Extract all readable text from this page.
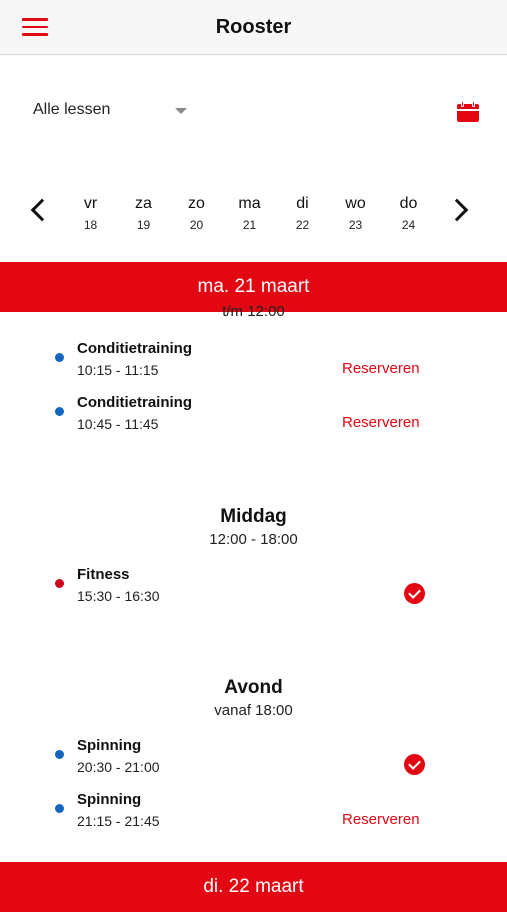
Rooster
Alle lessen
vr
18
za
19
zo
20
ma
21
di
22
wo
23
do
24
ma. 21 maart
t/m 12:00
Conditietraining
10:15 - 11:15	Reserveren
Conditietraining
10:45 - 11:45	Reserveren
Middag
12:00 - 18:00
Fitness
15:30 - 16:30
Avond
vanaf 18:00
Spinning
20:30 - 21:00
Spinning
21:15 - 21:45	Reserveren
di. 22 maart
